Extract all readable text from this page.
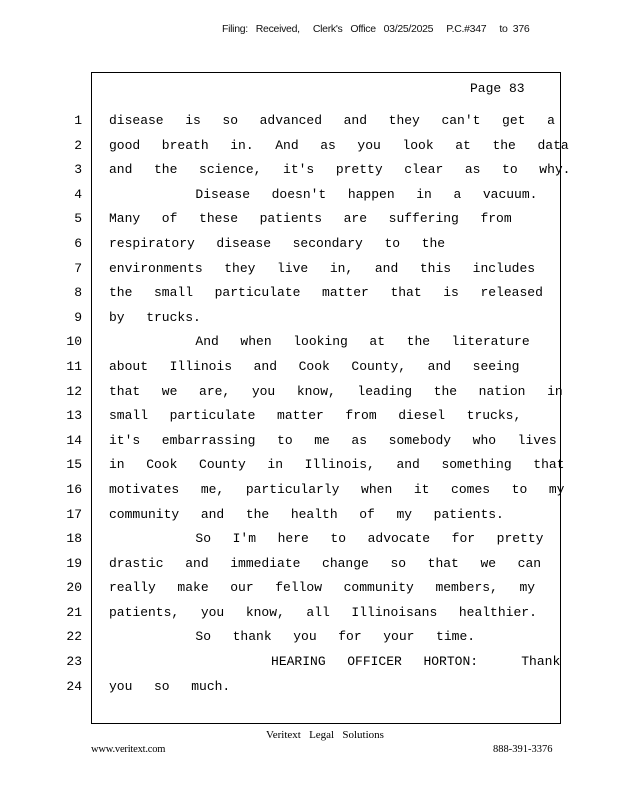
Filing:   Received,     Clerk's   Office   03/25/2025     P.C.#347     to  376
Page 83
1 disease  is  so  advanced  and  they  can't  get  a
2 good  breath  in.  And  as  you  look  at  the  data
3 and  the  science,  it's  pretty  clear  as  to  why.
4 Disease  doesn't  happen  in  a  vacuum.
5 Many  of  these  patients  are  suffering  from
6 respiratory  disease  secondary  to  the
7 environments  they  live  in,  and  this  includes
8 the  small  particulate  matter  that  is  released
9 by  trucks.
10 And  when  looking  at  the  literature
11 about  Illinois  and  Cook  County,  and  seeing
12 that  we  are,  you  know,  leading  the  nation  in
13 small  particulate  matter  from  diesel  trucks,
14 it's  embarrassing  to  me  as  somebody  who  lives
15 in  Cook  County  in  Illinois,  and  something  that
16 motivates  me,  particularly  when  it  comes  to  my
17 community  and  the  health  of  my  patients.
18 So  I'm  here  to  advocate  for  pretty
19 drastic  and  immediate  change  so  that  we  can
20 really  make  our  fellow  community  members,  my
21 patients,  you  know,  all  Illinoisans  healthier.
22 So  thank  you  for  your  time.
23 HEARING  OFFICER  HORTON:    Thank
24 you  so  much.
Veritext   Legal   Solutions
www.veritext.com	888-391-3376
